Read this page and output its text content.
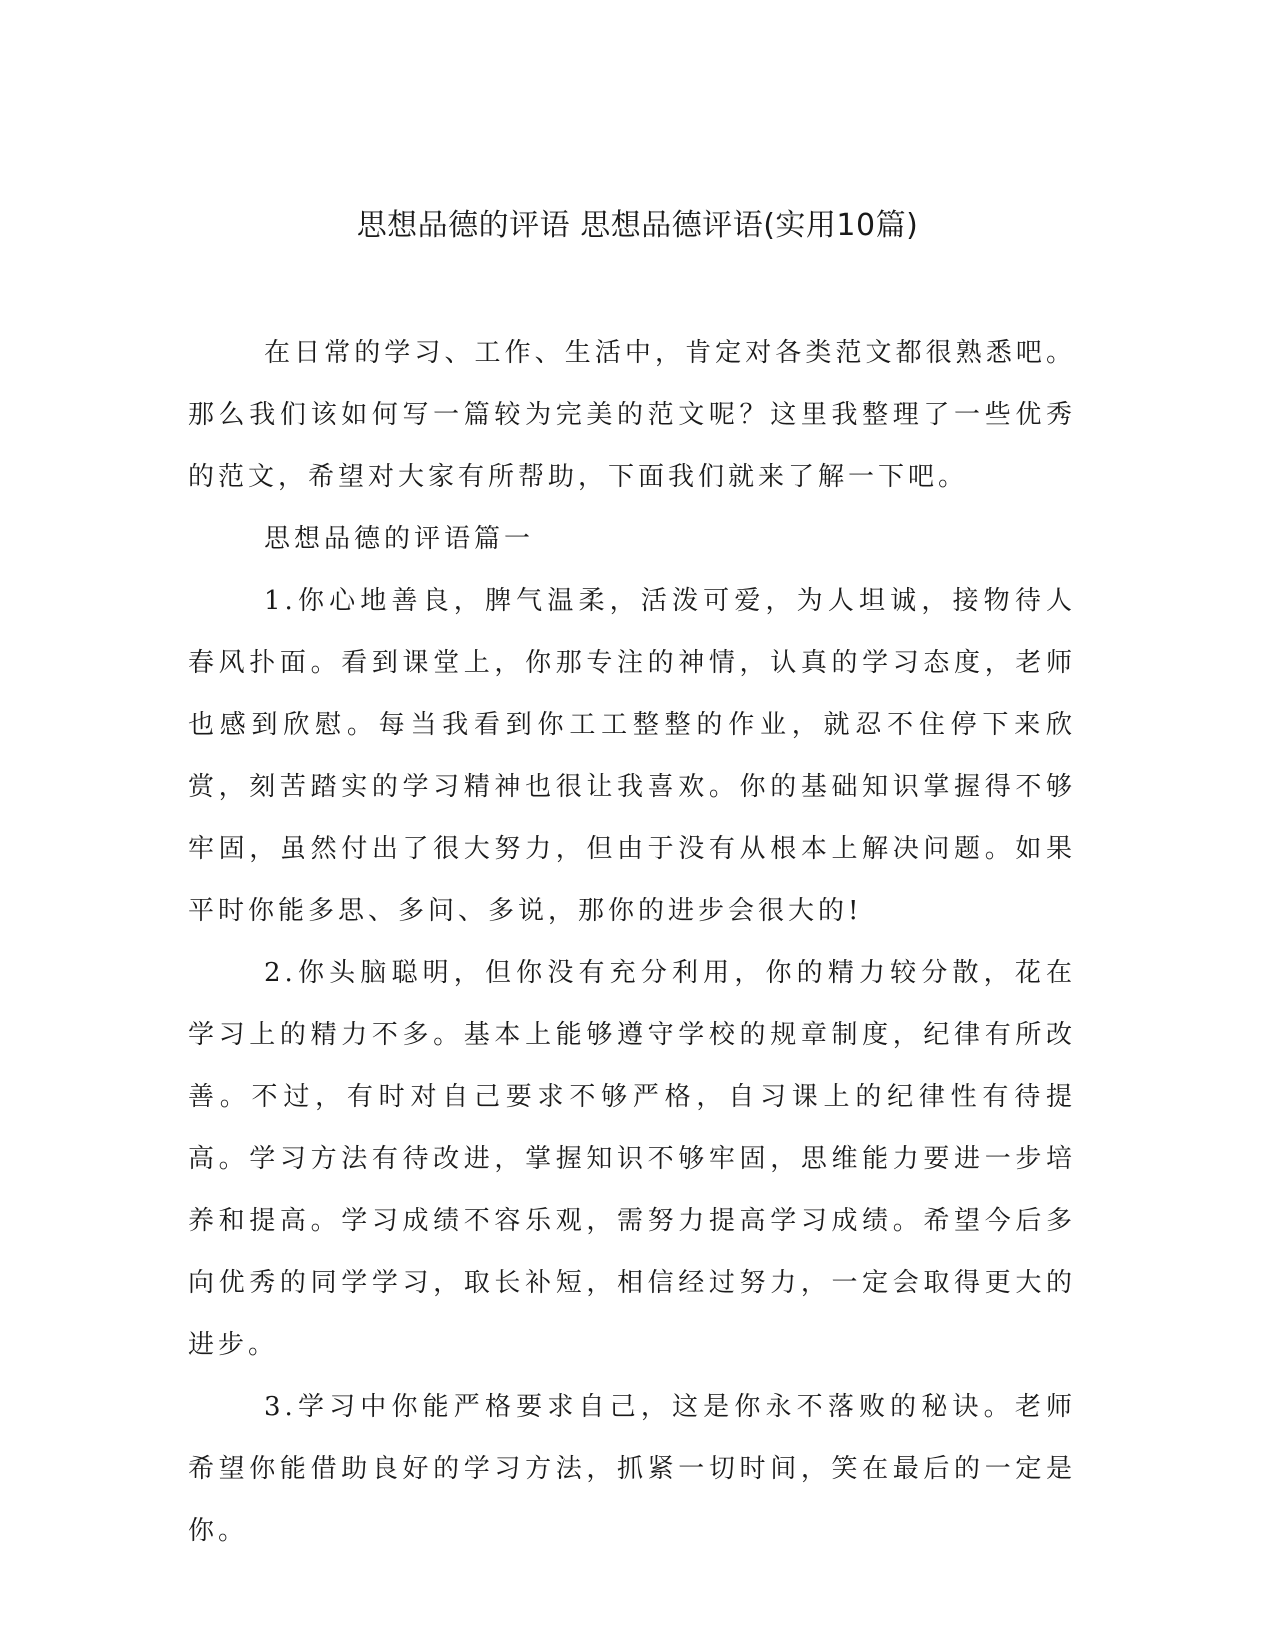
思想品德的评语 思想品德评语(实用10篇)

在日常的学习、工作、生活中，肯定对各类范文都很熟悉吧。那么我们该如何写一篇较为完美的范文呢？这里我整理了一些优秀的范文，希望对大家有所帮助，下面我们就来了解一下吧。

思想品德的评语篇一

1.你心地善良，脾气温柔，活泼可爱，为人坦诚，接物待人春风扑面。看到课堂上，你那专注的神情，认真的学习态度，老师也感到欣慰。每当我看到你工工整整的作业，就忍不住停下来欣赏，刻苦踏实的学习精神也很让我喜欢。你的基础知识掌握得不够牢固，虽然付出了很大努力，但由于没有从根本上解决问题。如果平时你能多思、多问、多说，那你的进步会很大的!

2.你头脑聪明，但你没有充分利用，你的精力较分散，花在学习上的精力不多。基本上能够遵守学校的规章制度，纪律有所改善。不过，有时对自己要求不够严格，自习课上的纪律性有待提高。学习方法有待改进，掌握知识不够牢固，思维能力要进一步培养和提高。学习成绩不容乐观，需努力提高学习成绩。希望今后多向优秀的同学学习，取长补短，相信经过努力，一定会取得更大的进步。

3.学习中你能严格要求自己，这是你永不落败的秘诀。老师希望你能借助良好的学习方法，抓紧一切时间，笑在最后的一定是你。
